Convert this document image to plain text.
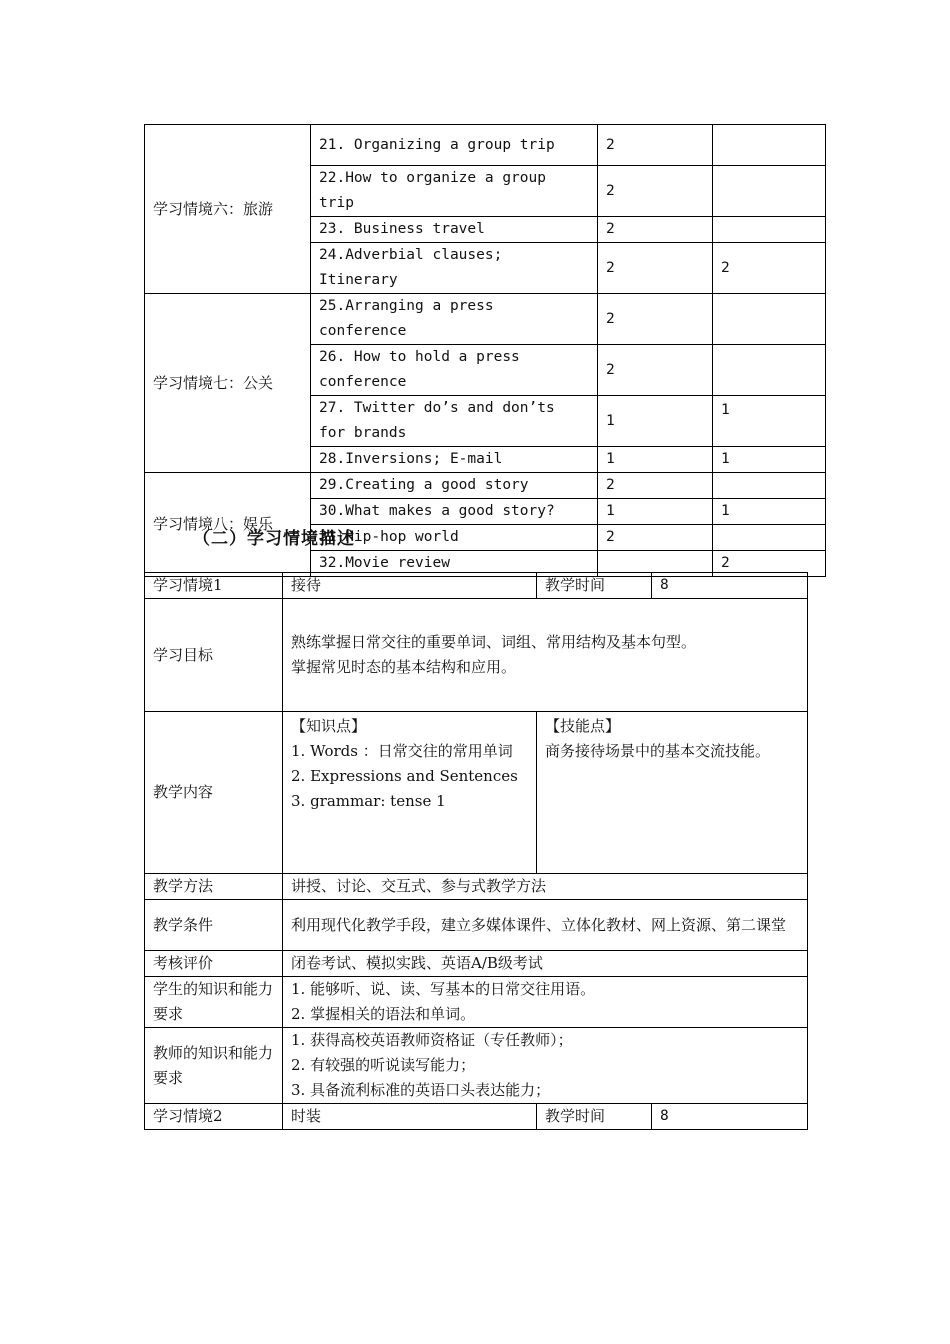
学习情境六：旅游	21. Organizing a group trip	2	
	22.How to organize a group trip	2	
	23. Business travel	2	
	24.Adverbial clauses; Itinerary	2	2
学习情境七：公关	25.Arranging a press conference	2	
	26. How to hold a press conference	2	
	27. Twitter do’s and don’ts for brands	1	1
	28.Inversions; E-mail	1	1
学习情境八：娱乐	29.Creating a good story	2	
	30.What makes a good story?	1	1
	31.Hip-hop world	2	
	32.Movie review		2
（二）学习情境描述
学习情境1	接待	教学时间	8
学习目标	熟练掌握日常交往的重要单词、词组、常用结构及基本句型。
掌握常见时态的基本结构和应用。		

教学内容	【知识点】
1. Words ：日常交往的常用单词
2. Expressions and Sentences
3. grammar: tense 1	【技能点】
商务接待场景中的基本交流技能。	

教学方法	讲授、讨论、交互式、参与式教学方法		
教学条件	利用现代化教学手段，建立多媒体课件、立体化教材、网上资源、第二课堂		
考核评价	闭卷考试、模拟实践、英语A/B级考试		
学生的知识和能力要求	1. 能够听、说、读、写基本的日常交往用语。
2. 掌握相关的语法和单词。		

教师的知识和能力要求	1. 获得高校英语教师资格证（专任教师）；
2. 有较强的听说读写能力；
3. 具备流利标准的英语口头表达能力；		

学习情境2	时装	教学时间	8
